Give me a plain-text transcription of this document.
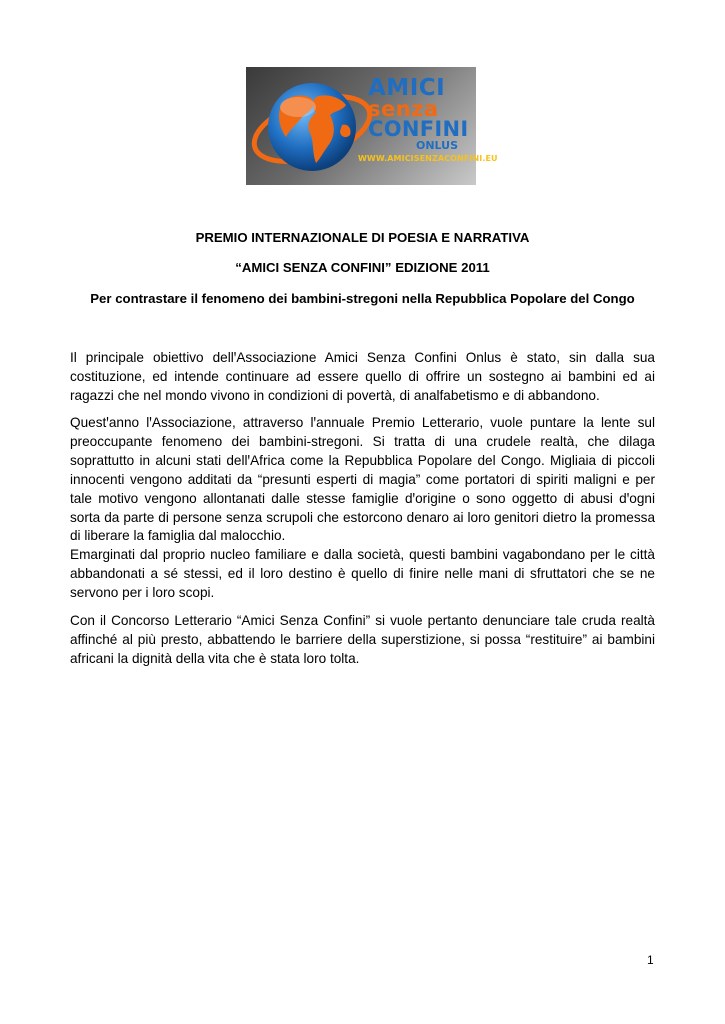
AMICI
senza
CONFINI
ONLUS
WWW.AMICISENZACONFINI.EU
PREMIO INTERNAZIONALE DI POESIA E NARRATIVA
“AMICI SENZA CONFINI” EDIZIONE 2011
Per contrastare il fenomeno dei bambini-stregoni nella Repubblica Popolare del Congo
Il principale obiettivo dellꞌAssociazione Amici Senza Confini Onlus è stato, sin dalla sua costituzione, ed intende continuare ad essere quello di offrire un sostegno ai bambini ed ai ragazzi che nel mondo vivono in condizioni di povertà, di analfabetismo e di abbandono.
Questꞌanno lꞌAssociazione, attraverso lꞌannuale Premio Letterario, vuole puntare la lente sul preoccupante fenomeno dei bambini-stregoni. Si tratta di una crudele realtà, che dilaga soprattutto in alcuni stati dellꞌAfrica come la Repubblica Popolare del Congo. Migliaia di piccoli innocenti vengono additati da “presunti esperti di magia” come portatori di spiriti maligni e per tale motivo vengono allontanati dalle stesse famiglie dꞌorigine o sono oggetto di abusi dꞌogni sorta da parte di persone senza scrupoli che estorcono denaro ai loro genitori dietro la promessa di liberare la famiglia dal malocchio.
Emarginati dal proprio nucleo familiare e dalla società, questi bambini vagabondano per le città abbandonati a sé stessi, ed il loro destino è quello di finire nelle mani di sfruttatori che se ne servono per i loro scopi.
Con il Concorso Letterario “Amici Senza Confini” si vuole pertanto denunciare tale cruda realtà affinché al più presto, abbattendo le barriere della superstizione, si possa “restituire” ai bambini africani la dignità della vita che è stata loro tolta.
1
